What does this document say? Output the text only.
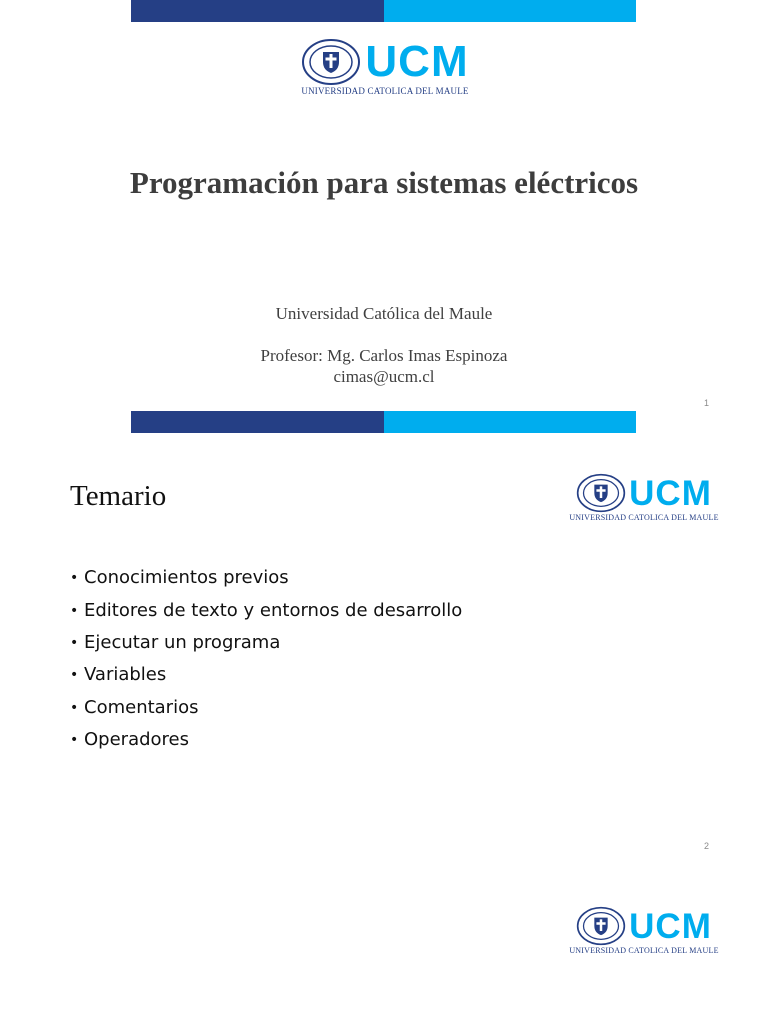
UCM
UNIVERSIDAD CATOLICA DEL MAULE
Programación para sistemas eléctricos
Universidad Católica del Maule
Profesor: Mg. Carlos Imas Espinoza
cimas@ucm.cl
1
Temario	UCM
UNIVERSIDAD CATOLICA DEL MAULE
• Conocimientos previos
• Editores de texto y entornos de desarrollo
• Ejecutar un programa
• Variables
• Comentarios
• Operadores
2
UCM
UNIVERSIDAD CATOLICA DEL MAULE
